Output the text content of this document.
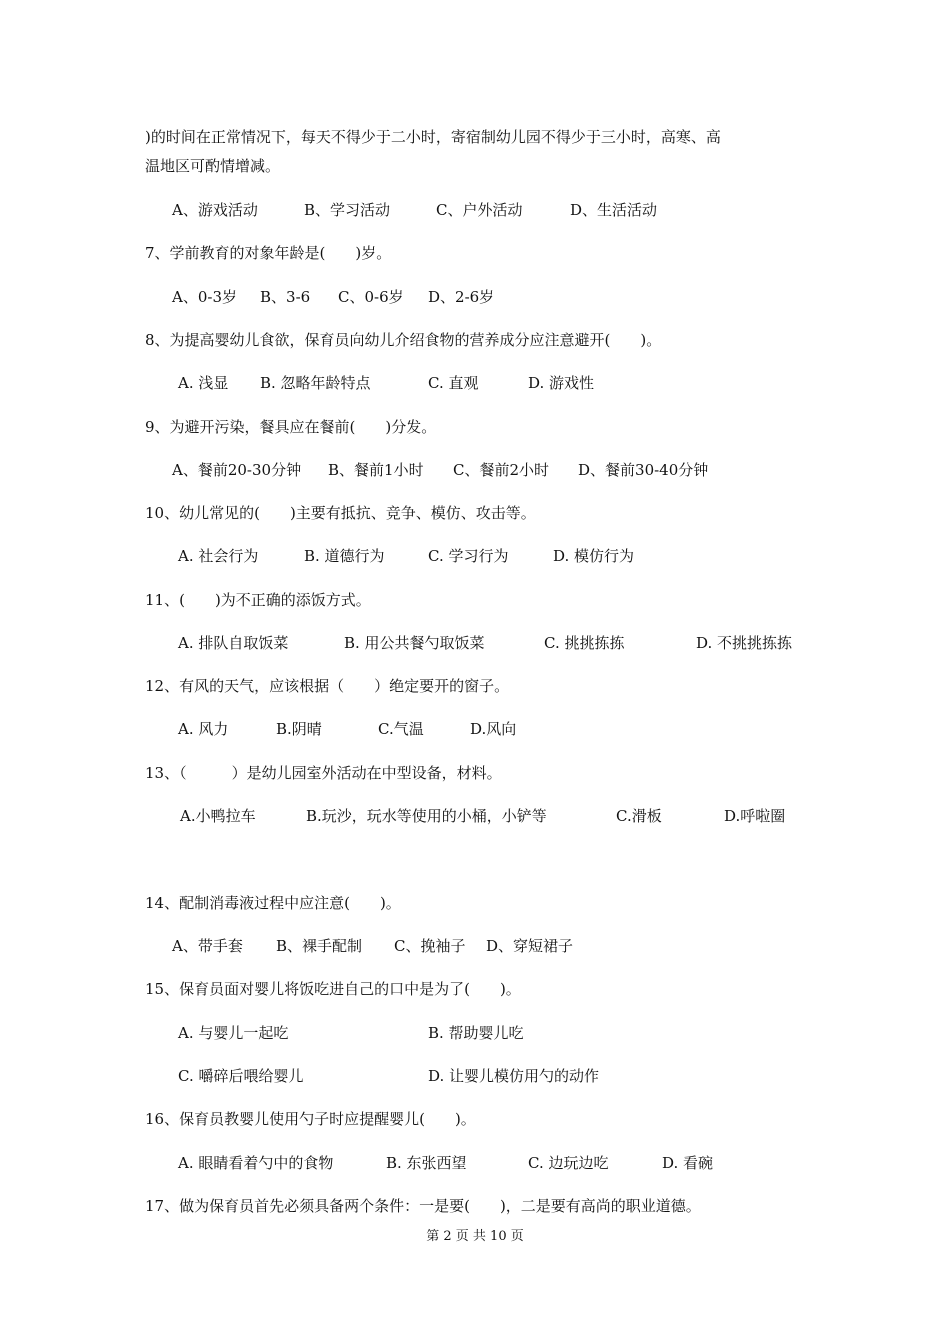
)的时间在正常情况下，每天不得少于二小时，寄宿制幼儿园不得少于三小时，高寒、高
温地区可酌情增减。
A、游戏活动	B、学习活动	C、户外活动	D、生活活动
7、学前教育的对象年龄是(　　)岁。
A、0-3岁 B、3-6 C、0-6岁 D、2-6岁
8、为提高婴幼儿食欲，保育员向幼儿介绍食物的营养成分应注意避开(　　)。
A. 浅显 B. 忽略年龄特点	C. 直观	D. 游戏性
9、为避开污染，餐具应在餐前(　　)分发。
A、餐前20-30分钟 B、餐前1小时 C、餐前2小时 D、餐前30-40分钟
10、幼儿常见的(　　)主要有抵抗、竞争、模仿、攻击等。
A. 社会行为	B. 道德行为	C. 学习行为	D. 模仿行为
11、(　　)为不正确的添饭方式。
A. 排队自取饭菜	B. 用公共餐勺取饭菜	C. 挑挑拣拣	D. 不挑挑拣拣
12、有风的天气，应该根据（　　）绝定要开的窗子。
A. 风力	B.阴晴	C.气温	D.风向
13、（　　　）是幼儿园室外活动在中型设备，材料。
A.小鸭拉车	B.玩沙，玩水等使用的小桶，小铲等	C.滑板	D.呼啦圈
14、配制消毒液过程中应注意(　　)。
A、带手套 B、裸手配制 C、挽袖子 D、穿短裙子
15、保育员面对婴儿将饭吃进自己的口中是为了(　　)。
A. 与婴儿一起吃	B. 帮助婴儿吃
C. 嚼碎后喂给婴儿	D. 让婴儿模仿用勺的动作
16、保育员教婴儿使用勺子时应提醒婴儿(　　)。
A. 眼睛看着勺中的食物	B. 东张西望	C. 边玩边吃	D. 看碗
17、做为保育员首先必须具备两个条件：一是要(　　)，二是要有高尚的职业道德。
第 2 页 共 10 页
